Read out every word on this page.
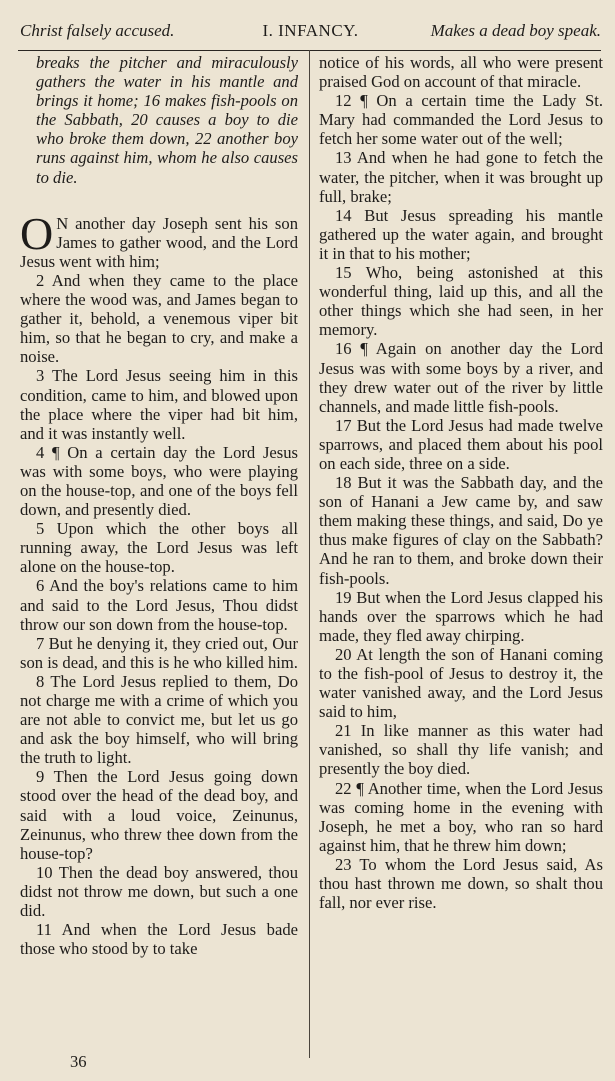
Christ falsely accused.	I. INFANCY.	Makes a dead boy speak.
breaks the pitcher and miraculously gathers the water in his mantle and brings it home; 16 makes fish-pools on the Sabbath, 20 causes a boy to die who broke them down, 22 another boy runs against him, whom he also causes to die.

O N another day Joseph sent his son James to gather wood, and the Lord Jesus went with him;

2 And when they came to the place where the wood was, and James began to gather it, behold, a venemous viper bit him, so that he began to cry, and make a noise.

3 The Lord Jesus seeing him in this condition, came to him, and blowed upon the place where the viper had bit him, and it was instantly well.

4 ¶ On a certain day the Lord Jesus was with some boys, who were playing on the house-top, and one of the boys fell down, and presently died.

5 Upon which the other boys all running away, the Lord Jesus was left alone on the house-top.

6 And the boy's relations came to him and said to the Lord Jesus, Thou didst throw our son down from the house-top.

7 But he denying it, they cried out, Our son is dead, and this is he who killed him.

8 The Lord Jesus replied to them, Do not charge me with a crime of which you are not able to convict me, but let us go and ask the boy himself, who will bring the truth to light.

9 Then the Lord Jesus going down stood over the head of the dead boy, and said with a loud voice, Zeinunus, Zeinunus, who threw thee down from the house-top?

10 Then the dead boy answered, thou didst not throw me down, but such a one did.

11 And when the Lord Jesus bade those who stood by to take

notice of his words, all who were present praised God on account of that miracle.

12 ¶ On a certain time the Lady St. Mary had commanded the Lord Jesus to fetch her some water out of the well;

13 And when he had gone to fetch the water, the pitcher, when it was brought up full, brake;

14 But Jesus spreading his mantle gathered up the water again, and brought it in that to his mother;

15 Who, being astonished at this wonderful thing, laid up this, and all the other things which she had seen, in her memory.

16 ¶ Again on another day the Lord Jesus was with some boys by a river, and they drew water out of the river by little channels, and made little fish-pools.

17 But the Lord Jesus had made twelve sparrows, and placed them about his pool on each side, three on a side.

18 But it was the Sabbath day, and the son of Hanani a Jew came by, and saw them making these things, and said, Do ye thus make figures of clay on the Sabbath? And he ran to them, and broke down their fish-pools.

19 But when the Lord Jesus clapped his hands over the sparrows which he had made, they fled away chirping.

20 At length the son of Hanani coming to the fish-pool of Jesus to destroy it, the water vanished away, and the Lord Jesus said to him,

21 In like manner as this water had vanished, so shall thy life vanish; and presently the boy died.

22 ¶ Another time, when the Lord Jesus was coming home in the evening with Joseph, he met a boy, who ran so hard against him, that he threw him down;

23 To whom the Lord Jesus said, As thou hast thrown me down, so shalt thou fall, nor ever rise.

36
